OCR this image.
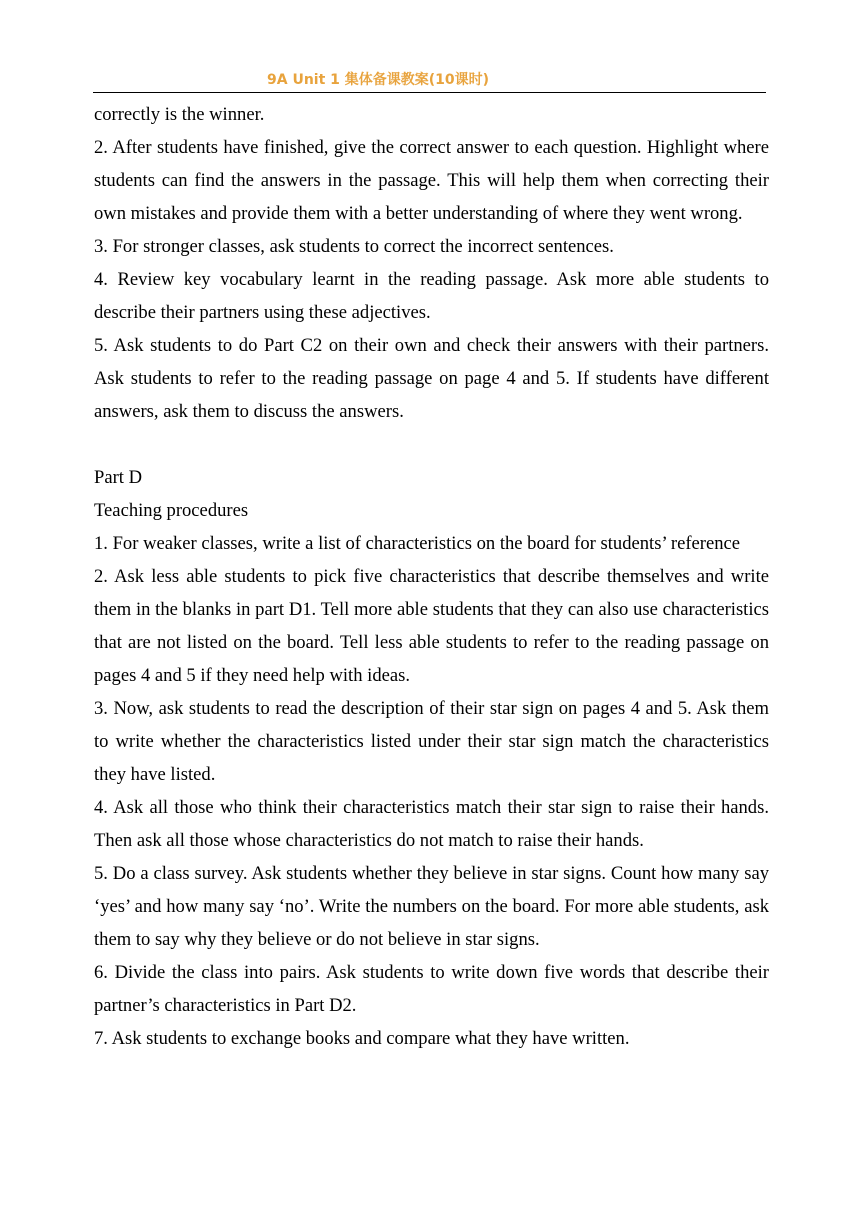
9A Unit 1 集体备课教案(10课时)

correctly is the winner.

2. After students have finished, give the correct answer to each question. Highlight where students can find the answers in the passage. This will help them when correcting their own mistakes and provide them with a better understanding of where they went wrong.

3. For stronger classes, ask students to correct the incorrect sentences.

4. Review key vocabulary learnt in the reading passage. Ask more able students to describe their partners using these adjectives.

5. Ask students to do Part C2 on their own and check their answers with their partners. Ask students to refer to the reading passage on page 4 and 5. If students have different answers, ask them to discuss the answers.

Part D

Teaching procedures

1. For weaker classes, write a list of characteristics on the board for students’ reference

2. Ask less able students to pick five characteristics that describe themselves and write them in the blanks in part D1. Tell more able students that they can also use characteristics that are not listed on the board. Tell less able students to refer to the reading passage on pages 4 and 5 if they need help with ideas.

3. Now, ask students to read the description of their star sign on pages 4 and 5. Ask them to write whether the characteristics listed under their star sign match the characteristics they have listed.

4. Ask all those who think their characteristics match their star sign to raise their hands. Then ask all those whose characteristics do not match to raise their hands.

5. Do a class survey. Ask students whether they believe in star signs. Count how many say ‘yes’ and how many say ‘no’. Write the numbers on the board. For more able students, ask them to say why they believe or do not believe in star signs.

6. Divide the class into pairs. Ask students to write down five words that describe their partner’s characteristics in Part D2.

7. Ask students to exchange books and compare what they have written.
